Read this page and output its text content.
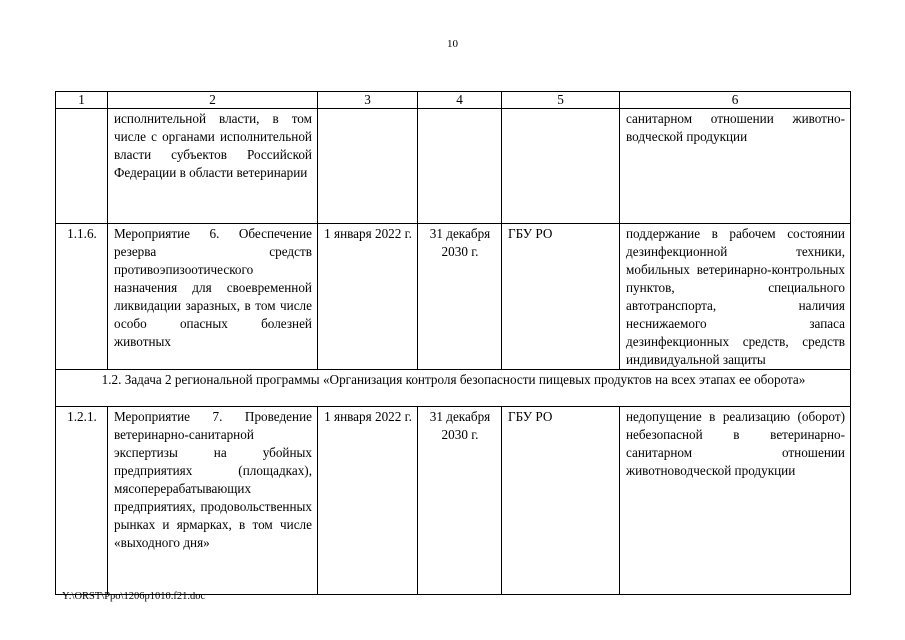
10
1	2	3	4	5	6
	исполнительной власти, в том числе с органами исполнительной власти субъектов Российской Федерации в области ветеринарии				санитарном отношении животно-водческой продукции
1.1.6.	Мероприятие 6. Обеспечение резерва средств противоэпизоотического назначения для своевременной ликвидации заразных, в том числе особо опасных болезней животных	1 января 2022 г.	31 декабря 2030 г.	ГБУ РО	поддержание в рабочем состоянии дезинфекционной техники, мобильных ветеринарно-контрольных пунктов, специального автотранспорта, наличия неснижаемого запаса дезинфекционных средств, средств индивидуальной защиты
1.2. Задача 2 региональной программы «Организация контроля безопасности пищевых продуктов на всех этапах ее оборота»					
1.2.1.	Мероприятие 7. Проведение ветеринарно-санитарной экспертизы на убойных предприятиях (площадках), мясоперерабатывающих предприятиях, продовольственных рынках и ярмарках, в том числе «выходного дня»	1 января 2022 г.	31 декабря 2030 г.	ГБУ РО	недопущение в реализацию (оборот) небезопасной в ветеринарно-санитарном отношении животноводческой продукции
Y:\ORST\Ppo\1206p1010.f21.doc
